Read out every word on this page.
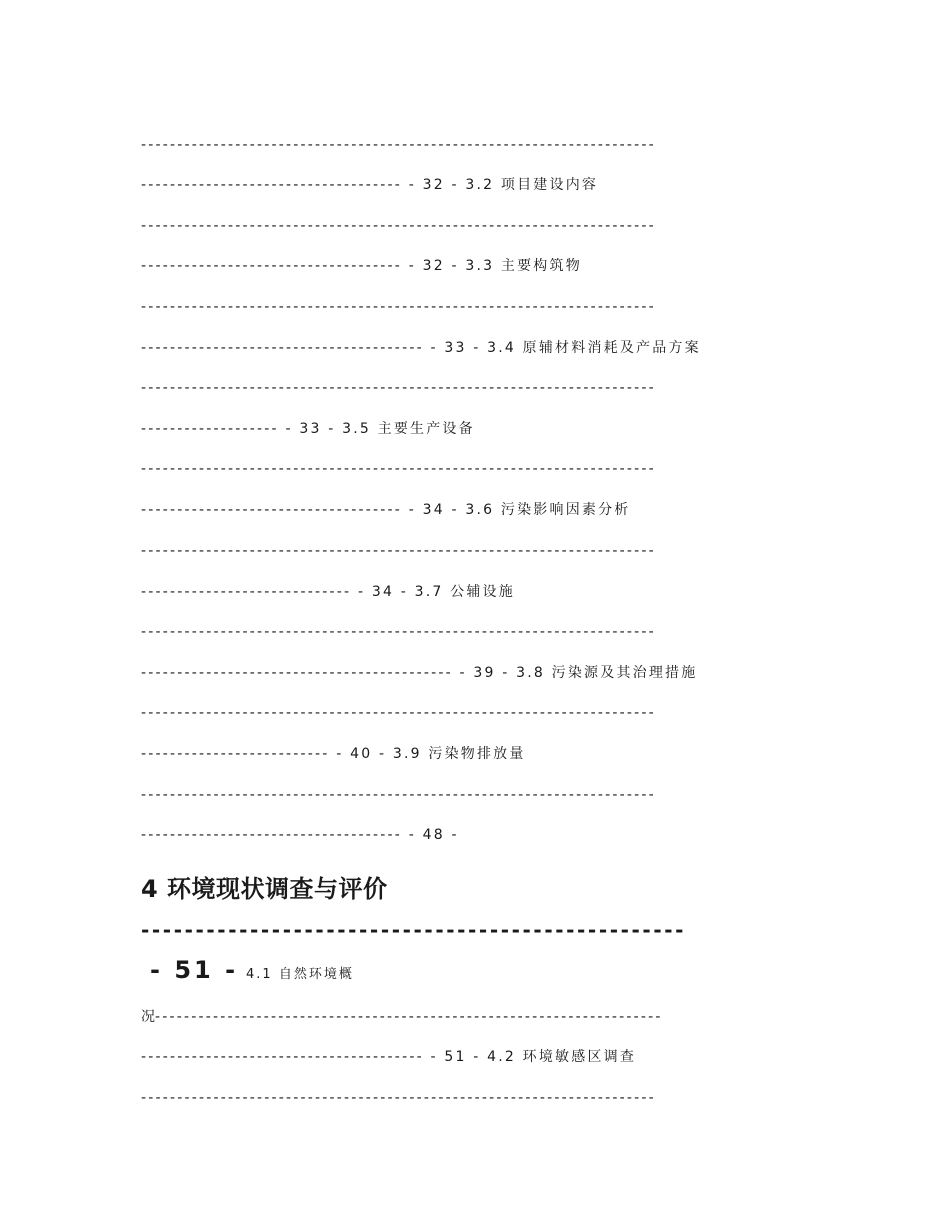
-----------------------------------------------------------------------
------------------------------------ - 32 - 3.2 项目建设内容
-----------------------------------------------------------------------
------------------------------------ - 32 - 3.3 主要构筑物
-----------------------------------------------------------------------
--------------------------------------- - 33 - 3.4 原辅材料消耗及产品方案
-----------------------------------------------------------------------
------------------- - 33 - 3.5 主要生产设备
-----------------------------------------------------------------------
------------------------------------ - 34 - 3.6 污染影响因素分析
-----------------------------------------------------------------------
----------------------------- - 34 - 3.7 公辅设施
-----------------------------------------------------------------------
------------------------------------------- - 39 - 3.8 污染源及其治理措施
-----------------------------------------------------------------------
-------------------------- - 40 - 3.9 污染物排放量
-----------------------------------------------------------------------
------------------------------------ - 48 -
4 环境现状调查与评价
--------------------------------------------------
- 51 - 4.1 自然环境概
况----------------------------------------------------------------------
--------------------------------------- - 51 - 4.2 环境敏感区调查
-----------------------------------------------------------------------
